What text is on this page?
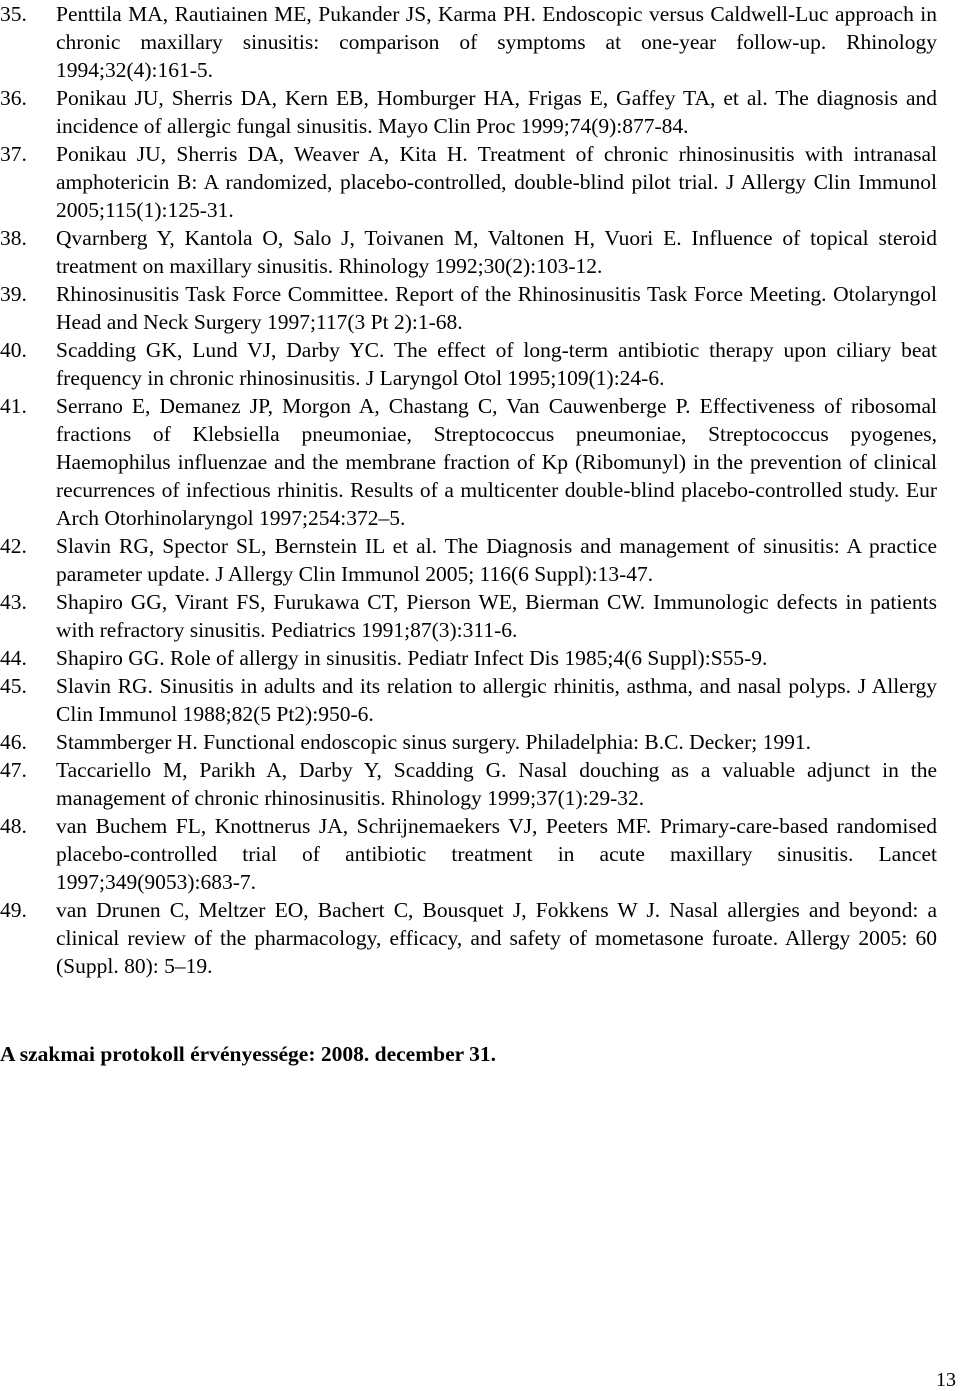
35.	Penttila MA, Rautiainen ME, Pukander JS, Karma PH. Endoscopic versus Caldwell-Luc approach in chronic maxillary sinusitis: comparison of symptoms at one-year follow-up. Rhinology 1994;32(4):161-5.
36.	Ponikau JU, Sherris DA, Kern EB, Homburger HA, Frigas E, Gaffey TA, et al. The diagnosis and incidence of allergic fungal sinusitis. Mayo Clin Proc 1999;74(9):877-84.
37.	Ponikau JU, Sherris DA, Weaver A, Kita H. Treatment of chronic rhinosinusitis with intranasal amphotericin B: A randomized, placebo-controlled, double-blind pilot trial. J Allergy Clin Immunol 2005;115(1):125-31.
38.	Qvarnberg Y, Kantola O, Salo J, Toivanen M, Valtonen H, Vuori E. Influence of topical steroid treatment on maxillary sinusitis. Rhinology 1992;30(2):103-12.
39.	Rhinosinusitis Task Force Committee. Report of the Rhinosinusitis Task Force Meeting. Otolaryngol Head and Neck Surgery 1997;117(3 Pt 2):1-68.
40.	Scadding GK, Lund VJ, Darby YC. The effect of long-term antibiotic therapy upon ciliary beat frequency in chronic rhinosinusitis. J Laryngol Otol 1995;109(1):24-6.
41.	Serrano E, Demanez JP, Morgon A, Chastang C, Van Cauwenberge P. Effectiveness of ribosomal fractions of Klebsiella pneumoniae, Streptococcus pneumoniae, Streptococcus pyogenes, Haemophilus influenzae and the membrane fraction of Kp (Ribomunyl) in the prevention of clinical recurrences of infectious rhinitis. Results of a multicenter double-blind placebo-controlled study. Eur Arch Otorhinolaryngol 1997;254:372–5.
42.	Slavin RG, Spector SL, Bernstein IL et al. The Diagnosis and management of sinusitis: A practice parameter update. J Allergy Clin Immunol 2005; 116(6 Suppl):13-47.
43.	Shapiro GG, Virant FS, Furukawa CT, Pierson WE, Bierman CW. Immunologic defects in patients with refractory sinusitis. Pediatrics 1991;87(3):311-6.
44.	Shapiro GG. Role of allergy in sinusitis. Pediatr Infect Dis 1985;4(6 Suppl):S55-9.
45.	Slavin RG. Sinusitis in adults and its relation to allergic rhinitis, asthma, and nasal polyps. J Allergy Clin Immunol 1988;82(5 Pt2):950-6.
46.	Stammberger H. Functional endoscopic sinus surgery. Philadelphia: B.C. Decker; 1991.
47.	Taccariello M, Parikh A, Darby Y, Scadding G. Nasal douching as a valuable adjunct in the management of chronic rhinosinusitis. Rhinology 1999;37(1):29-32.
48.	van Buchem FL, Knottnerus JA, Schrijnemaekers VJ, Peeters MF. Primary-care-based randomised placebo-controlled trial of antibiotic treatment in acute maxillary sinusitis. Lancet 1997;349(9053):683-7.
49.	van Drunen C, Meltzer EO, Bachert C, Bousquet J, Fokkens W J. Nasal allergies and beyond: a clinical review of the pharmacology, efficacy, and safety of mometasone furoate. Allergy 2005: 60 (Suppl. 80): 5–19.
A szakmai protokoll érvényessége: 2008. december 31.
13
